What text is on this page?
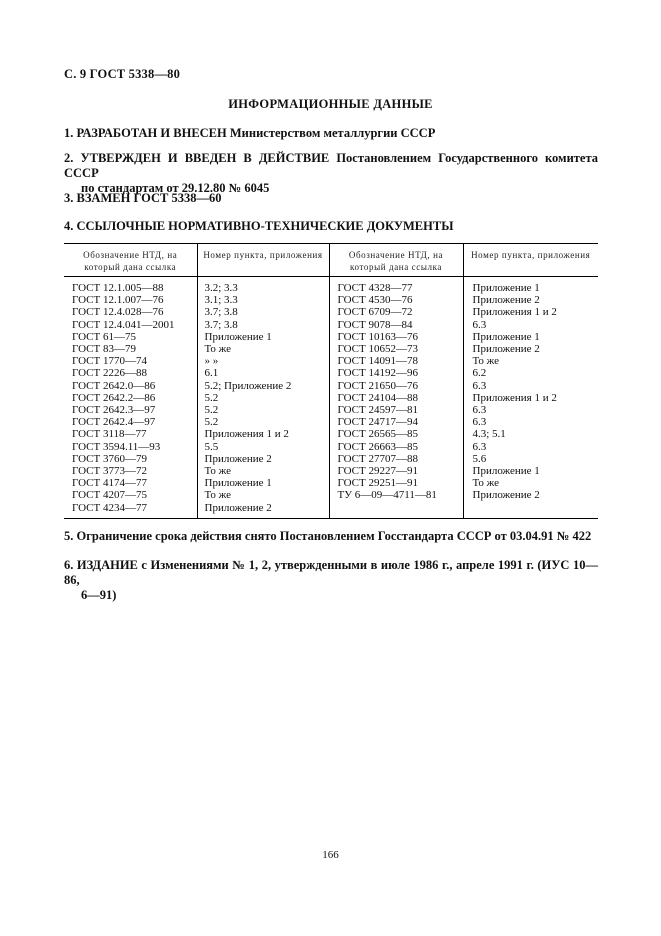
С. 9 ГОСТ 5338—80
ИНФОРМАЦИОННЫЕ ДАННЫЕ
1. РАЗРАБОТАН И ВНЕСЕН Министерством металлургии СССР
2. УТВЕРЖДЕН И ВВЕДЕН В ДЕЙСТВИЕ Постановлением Государственного комитета СССР
по стандартам от 29.12.80 № 6045
3. ВЗАМЕН ГОСТ 5338—60
4. ССЫЛОЧНЫЕ НОРМАТИВНО-ТЕХНИЧЕСКИЕ ДОКУМЕНТЫ
Обозначение НТД, на который дана ссылка	Номер пункта, приложения	Обозначение НТД, на который дана ссылка	Номер пункта, приложения
ГОСТ 12.1.005—88	3.2; 3.3	ГОСТ 4328—77	Приложение 1
ГОСТ 12.1.007—76	3.1; 3.3	ГОСТ 4530—76	Приложение 2
ГОСТ 12.4.028—76	3.7; 3.8	ГОСТ 6709—72	Приложения 1 и 2
ГОСТ 12.4.041—2001	3.7; 3.8	ГОСТ 9078—84	6.3
ГОСТ 61—75	Приложение 1	ГОСТ 10163—76	Приложение 1
ГОСТ 83—79	То же	ГОСТ 10652—73	Приложение 2
ГОСТ 1770—74	» »	ГОСТ 14091—78	То же
ГОСТ 2226—88	6.1	ГОСТ 14192—96	6.2
ГОСТ 2642.0—86	5.2; Приложение 2	ГОСТ 21650—76	6.3
ГОСТ 2642.2—86	5.2	ГОСТ 24104—88	Приложения 1 и 2
ГОСТ 2642.3—97	5.2	ГОСТ 24597—81	6.3
ГОСТ 2642.4—97	5.2	ГОСТ 24717—94	6.3
ГОСТ 3118—77	Приложения 1 и 2	ГОСТ 26565—85	4.3; 5.1
ГОСТ 3594.11—93	5.5	ГОСТ 26663—85	6.3
ГОСТ 3760—79	Приложение 2	ГОСТ 27707—88	5.6
ГОСТ 3773—72	То же	ГОСТ 29227—91	Приложение 1
ГОСТ 4174—77	Приложение 1	ГОСТ 29251—91	То же
ГОСТ 4207—75	То же	ТУ 6—09—4711—81	Приложение 2
ГОСТ 4234—77	Приложение 2		
5. Ограничение срока действия снято Постановлением Госстандарта СССР от 03.04.91 № 422
6. ИЗДАНИЕ с Изменениями № 1, 2, утвержденными в июле 1986 г., апреле 1991 г. (ИУС 10—86,
6—91)
166
